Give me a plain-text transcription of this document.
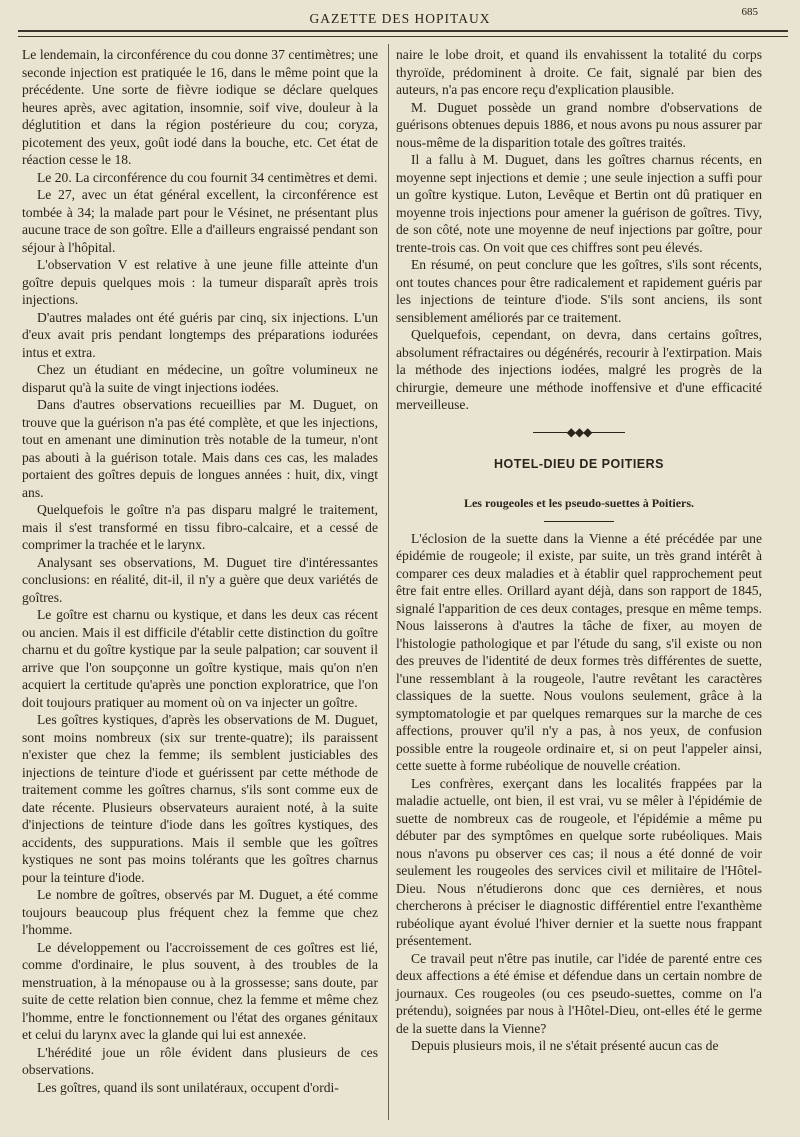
GAZETTE DES HOPITAUX	685

Le lendemain, la circonférence du cou donne 37 centimètres; une seconde injection est pratiquée le 16, dans le même point que la précédente. Une sorte de fièvre iodique se déclare quelques heures après, avec agitation, insomnie, soif vive, douleur à la déglutition et dans la région postérieure du cou; coryza, picotement des yeux, goût iodé dans la bouche, etc. Cet état de réaction cesse le 18.

Le 20. La circonférence du cou fournit 34 centimètres et demi.

Le 27, avec un état général excellent, la circonférence est tombée à 34; la malade part pour le Vésinet, ne présentant plus aucune trace de son goître. Elle a d'ailleurs engraissé pendant son séjour à l'hôpital.

L'observation V est relative à une jeune fille atteinte d'un goître depuis quelques mois : la tumeur disparaît après trois injections.

D'autres malades ont été guéris par cinq, six injections. L'un d'eux avait pris pendant longtemps des préparations iodurées intus et extra.

Chez un étudiant en médecine, un goître volumineux ne disparut qu'à la suite de vingt injections iodées.

Dans d'autres observations recueillies par M. Duguet, on trouve que la guérison n'a pas été complète, et que les injections, tout en amenant une diminution très notable de la tumeur, n'ont pas abouti à la guérison totale. Mais dans ces cas, les malades portaient des goîtres depuis de longues années : huit, dix, vingt ans.

Quelquefois le goître n'a pas disparu malgré le traitement, mais il s'est transformé en tissu fibro-calcaire, et a cessé de comprimer la trachée et le larynx.

Analysant ses observations, M. Duguet tire d'intéressantes conclusions: en réalité, dit-il, il n'y a guère que deux variétés de goîtres.

Le goître est charnu ou kystique, et dans les deux cas récent ou ancien. Mais il est difficile d'établir cette distinction du goître charnu et du goître kystique par la seule palpation; car souvent il arrive que l'on soupçonne un goître kystique, mais qu'on n'en acquiert la certitude qu'après une ponction exploratrice, que l'on doit toujours pratiquer au moment où on va injecter un goître.

Les goîtres kystiques, d'après les observations de M. Duguet, sont moins nombreux (six sur trente-quatre); ils paraissent n'exister que chez la femme; ils semblent justiciables des injections de teinture d'iode et guérissent par cette méthode de traitement comme les goîtres charnus, s'ils sont comme eux de date récente. Plusieurs observateurs auraient noté, à la suite d'injections de teinture d'iode dans les goîtres kystiques, des accidents, des suppurations. Mais il semble que les goîtres kystiques ne sont pas moins tolérants que les goîtres charnus pour la teinture d'iode.

Le nombre de goîtres, observés par M. Duguet, a été comme toujours beaucoup plus fréquent chez la femme que chez l'homme.

Le développement ou l'accroissement de ces goîtres est lié, comme d'ordinaire, le plus souvent, à des troubles de la menstruation, à la ménopause ou à la grossesse; sans doute, par suite de cette relation bien connue, chez la femme et même chez l'homme, entre le fonctionnement ou l'état des organes génitaux et celui du larynx avec la glande qui lui est annexée.

L'hérédité joue un rôle évident dans plusieurs de ces observations.

Les goîtres, quand ils sont unilatéraux, occupent d'ordi-

naire le lobe droit, et quand ils envahissent la totalité du corps thyroïde, prédominent à droite. Ce fait, signalé par bien des auteurs, n'a pas encore reçu d'explication plausible.

M. Duguet possède un grand nombre d'observations de guérisons obtenues depuis 1886, et nous avons pu nous assurer par nous-même de la disparition totale des goîtres traités.

Il a fallu à M. Duguet, dans les goîtres charnus récents, en moyenne sept injections et demie ; une seule injection a suffi pour un goître kystique. Luton, Levêque et Bertin ont dû pratiquer en moyenne trois injections pour amener la guérison de goîtres. Tivy, de son côté, note une moyenne de neuf injections par goître, pour trente-trois cas. On voit que ces chiffres sont peu élevés.

En résumé, on peut conclure que les goîtres, s'ils sont récents, ont toutes chances pour être radicalement et rapidement guéris par les injections de teinture d'iode. S'ils sont anciens, ils sont sensiblement améliorés par ce traitement.

Quelquefois, cependant, on devra, dans certains goîtres, absolument réfractaires ou dégénérés, recourir à l'extirpation. Mais la méthode des injections iodées, malgré les progrès de la chirurgie, demeure une méthode inoffensive et d'une efficacité merveilleuse.

◆◆◆
HOTEL-DIEU DE POITIERS
Les rougeoles et les pseudo-suettes à Poitiers.

L'éclosion de la suette dans la Vienne a été précédée par une épidémie de rougeole; il existe, par suite, un très grand intérêt à comparer ces deux maladies et à établir quel rapprochement peut être fait entre elles. Orillard ayant déjà, dans son rapport de 1845, signalé l'apparition de ces deux contages, presque en même temps. Nous laisserons à d'autres la tâche de fixer, au moyen de l'histologie pathologique et par l'étude du sang, s'il existe ou non des preuves de l'identité de deux formes très différentes de suette, l'une ressemblant à la rougeole, l'autre revêtant les caractères classiques de la suette. Nous voulons seulement, grâce à la symptomatologie et par quelques remarques sur la marche de ces affections, prouver qu'il n'y a pas, à nos yeux, de confusion possible entre la rougeole ordinaire et, si on peut l'appeler ainsi, cette suette à forme rubéolique de nouvelle création.

Les confrères, exerçant dans les localités frappées par la maladie actuelle, ont bien, il est vrai, vu se mêler à l'épidémie de suette de nombreux cas de rougeole, et l'épidémie a même pu débuter par des symptômes en quelque sorte rubéoliques. Mais nous n'avons pu observer ces cas; il nous a été donné de voir seulement les rougeoles des services civil et militaire de l'Hôtel-Dieu. Nous n'étudierons donc que ces dernières, et nous chercherons à préciser le diagnostic différentiel entre l'exanthème rubéolique ayant évolué l'hiver dernier et la suette nous frappant présentement.

Ce travail peut n'être pas inutile, car l'idée de parenté entre ces deux affections a été émise et défendue dans un certain nombre de journaux. Ces rougeoles (ou ces pseudo-suettes, comme on l'a prétendu), soignées par nous à l'Hôtel-Dieu, ont-elles été le germe de la suette dans la Vienne?

Depuis plusieurs mois, il ne s'était présenté aucun cas de
